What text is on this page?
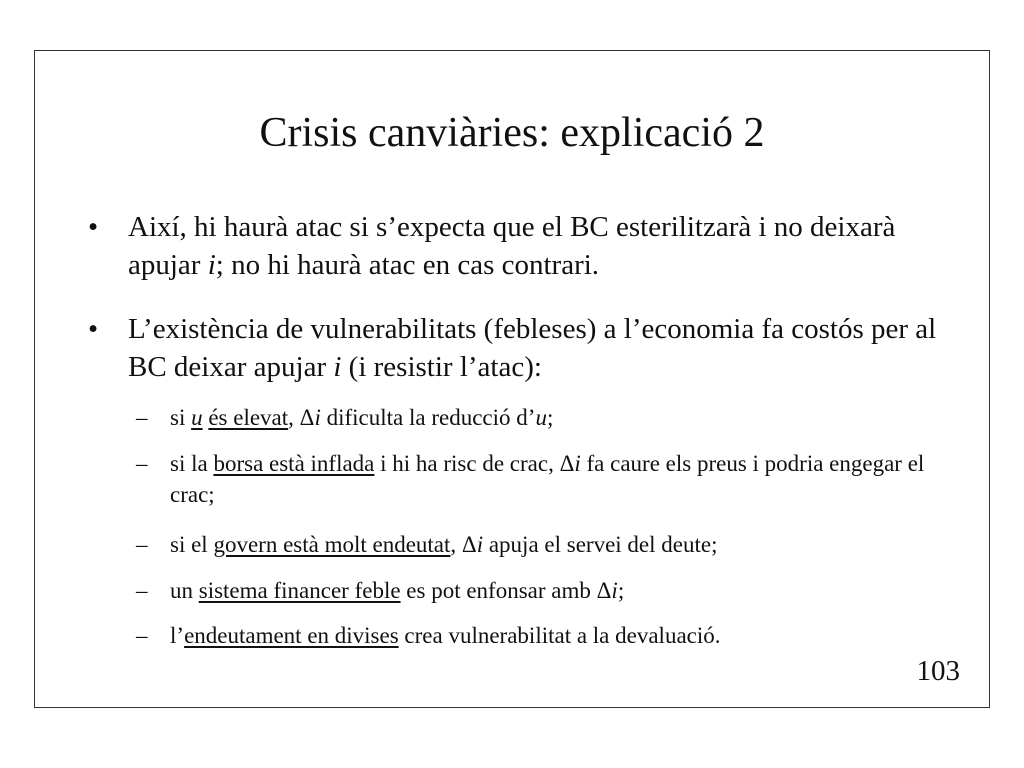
Crisis canviàries: explicació 2
• Així, hi haurà atac si s’expecta que el BC esterilitzarà i no deixarà apujar i; no hi haurà atac en cas contrari.
• L’existència de vulnerabilitats (febleses) a l’economia fa costós per al BC deixar apujar i (i resistir l’atac):
– si u és elevat, Δi dificulta la reducció d’u;
– si la borsa està inflada i hi ha risc de crac, Δi fa caure els preus i podria engegar el crac;
– si el govern està molt endeutat, Δi apuja el servei del deute;
– un sistema financer feble es pot enfonsar amb Δi;
– l’endeutament en divises crea vulnerabilitat a la devaluació.
103
